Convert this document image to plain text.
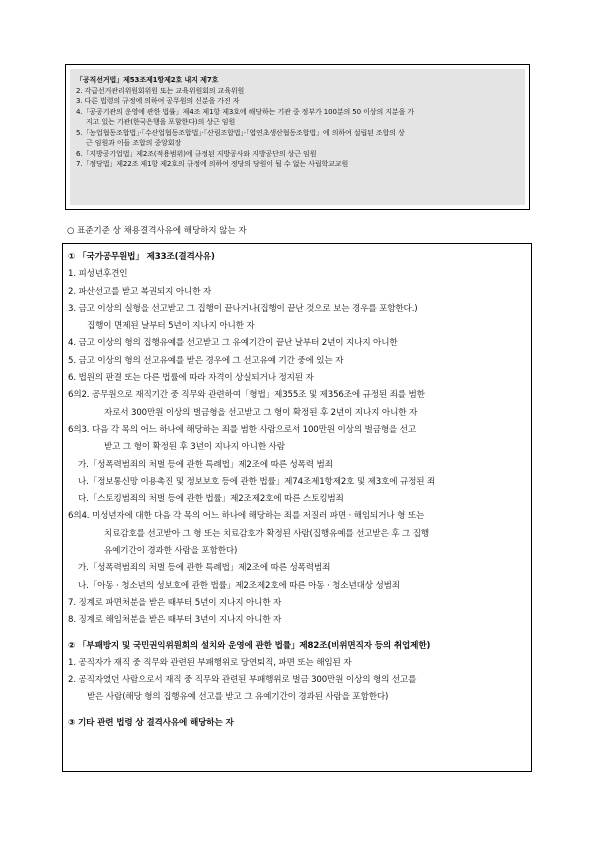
「공직선거법」제53조제1항제2호 내지 제7호
2. 각급선거관리위원회위원 또는 교육위원회의 교육위원
3. 다른 법령의 규정에 의하여 공무원의 신분을 가진 자
4.「공공기관의 운영에 관한 법률」제4조 제1항 제3호에 해당하는 기관 중 정부가 100분의 50 이상의 지분을 가
지고 있는 기관(한국은행을 포함한다)의 상근 임원
5.「농업협동조합법」·「수산업협동조합법」·「산림조합법」·「엽연초생산협동조합법」에 의하여 설립된 조합의 상
근 임원과 이들 조합의 중앙회장
6.「지방공기업법」제2조(적용범위)에 규정된 지방공사와 지방공단의 상근 임원
7.「정당법」제22조 제1항 제2호의 규정에 의하여 정당의 당원이 될 수 없는 사립학교교원
○ 표준기준 상 채용결격사유에 해당하지 않는 자
① 「국가공무원법」 제33조(결격사유)
1. 피성년후견인
2. 파산선고를 받고 복권되지 아니한 자
3. 금고 이상의 실형을 선고받고 그 집행이 끝나거나(집행이 끝난 것으로 보는 경우를 포함한다.)
집행이 면제된 날부터 5년이 지나지 아니한 자
4. 금고 이상의 형의 집행유예를 선고받고 그 유예기간이 끝난 날부터 2년이 지나지 아니한
5. 금고 이상의 형의 선고유예를 받은 경우에 그 선고유예 기간 중에 있는 자
6. 법원의 판결 또는 다른 법률에 따라 자격이 상실되거나 정지된 자
6의2. 공무원으로 재직기간 중 직무와 관련하여「형법」제355조 및 제356조에 규정된 죄를 범한
자로서 300만원 이상의 벌금형을 선고받고 그 형이 확정된 후 2년이 지나지 아니한 자
6의3. 다음 각 목의 어느 하나에 해당하는 죄를 범한 사람으로서 100만원 이상의 벌금형을 선고
받고 그 형이 확정된 후 3년이 지나지 아니한 사람
가.「성폭력범죄의 처벌 등에 관한 특례법」제2조에 따른 성폭력 범죄
나.「정보통신망 이용촉진 및 정보보호 등에 관한 법률」제74조제1항제2호 및 제3호에 규정된 죄
다.「스토킹범죄의 처벌 등에 관한 법률」제2조제2호에 따른 스토킹범죄
6의4. 미성년자에 대한 다음 각 목의 어느 하나에 해당하는 죄를 저질러 파면 · 해임되거나 형 또는
치료감호를 선고받아 그 형 또는 치료감호가 확정된 사람(집행유예를 선고받은 후 그 집행
유예기간이 경과한 사람을 포함한다)
가.「성폭력범죄의 처벌 등에 관한 특례법」제2조에 따른 성폭력범죄
나.「아동 · 청소년의 성보호에 관한 법률」제2조제2호에 따른 아동 · 청소년대상 성범죄
7. 징계로 파면처분을 받은 때부터 5년이 지나지 아니한 자
8. 징계로 해임처분을 받은 때부터 3년이 지나지 아니한 자
② 「부패방지 및 국민권익위원회의 설치와 운영에 관한 법률」제82조(비위면직자 등의 취업제한)
1. 공직자가 재직 중 직무와 관련된 부패행위로 당연퇴직, 파면 또는 해임된 자
2. 공직자였던 사람으로서 재직 중 직무와 관련된 부패행위로 벌금 300만원 이상의 형의 선고를
받은 사람(해당 형의 집행유예 선고를 받고 그 유예기간이 경과된 사람을 포함한다)
③ 기타 관련 법령 상 결격사유에 해당하는 자
